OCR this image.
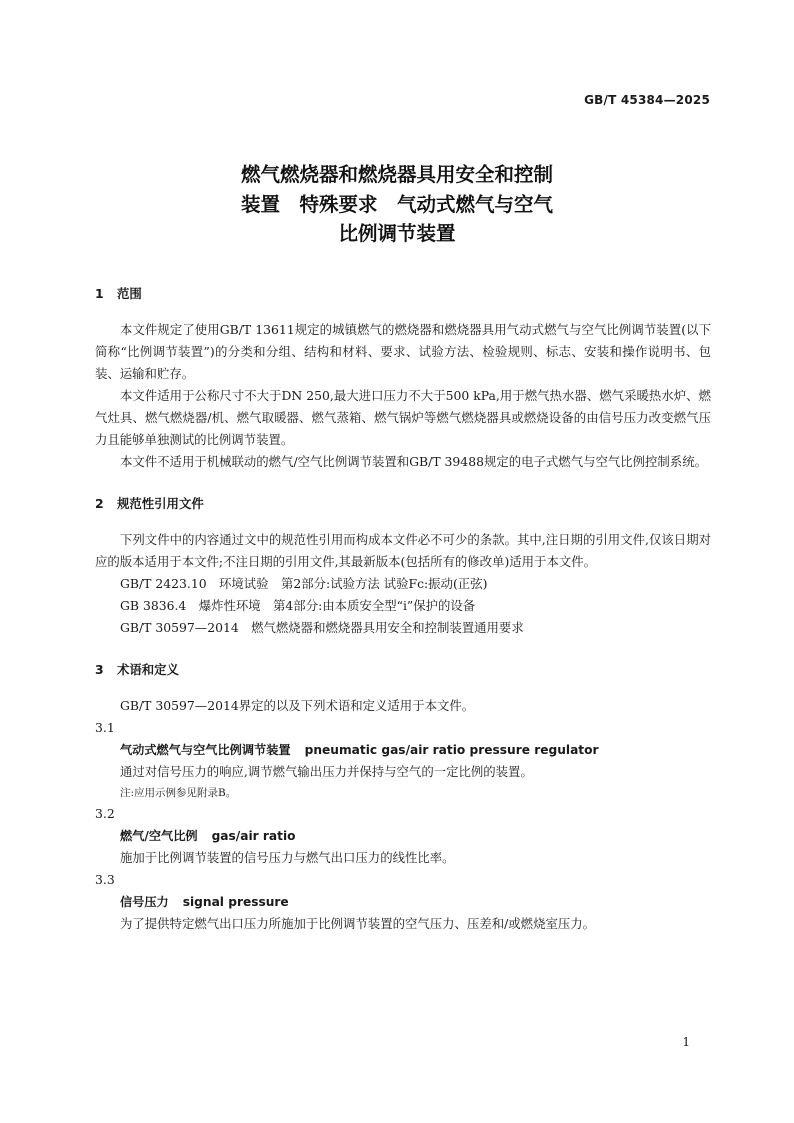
GB/T 45384—2025
燃气燃烧器和燃烧器具用安全和控制
装置　特殊要求　气动式燃气与空气
比例调节装置
1 范围

本文件规定了使用GB/T 13611规定的城镇燃气的燃烧器和燃烧器具用气动式燃气与空气比例调节装置(以下简称“比例调节装置”)的分类和分组、结构和材料、要求、试验方法、检验规则、标志、安装和操作说明书、包装、运输和贮存。

本文件适用于公称尺寸不大于DN 250,最大进口压力不大于500 kPa,用于燃气热水器、燃气采暖热水炉、燃气灶具、燃气燃烧器/机、燃气取暖器、燃气蒸箱、燃气锅炉等燃气燃烧器具或燃烧设备的由信号压力改变燃气压力且能够单独测试的比例调节装置。

本文件不适用于机械联动的燃气/空气比例调节装置和GB/T 39488规定的电子式燃气与空气比例控制系统。

2 规范性引用文件

下列文件中的内容通过文中的规范性引用而构成本文件必不可少的条款。其中,注日期的引用文件,仅该日期对应的版本适用于本文件;不注日期的引用文件,其最新版本(包括所有的修改单)适用于本文件。

GB/T 2423.10　环境试验　第2部分:试验方法 试验Fc:振动(正弦)

GB 3836.4　爆炸性环境　第4部分:由本质安全型“i”保护的设备

GB/T 30597—2014　燃气燃烧器和燃烧器具用安全和控制装置通用要求

3 术语和定义

GB/T 30597—2014界定的以及下列术语和定义适用于本文件。

3.1
气动式燃气与空气比例调节装置 pneumatic gas/air ratio pressure regulator

通过对信号压力的响应,调节燃气输出压力并保持与空气的一定比例的装置。

注:应用示例参见附录B。
3.2
燃气/空气比例 gas/air ratio

施加于比例调节装置的信号压力与燃气出口压力的线性比率。

3.3
信号压力 signal pressure

为了提供特定燃气出口压力所施加于比例调节装置的空气压力、压差和/或燃烧室压力。

1
